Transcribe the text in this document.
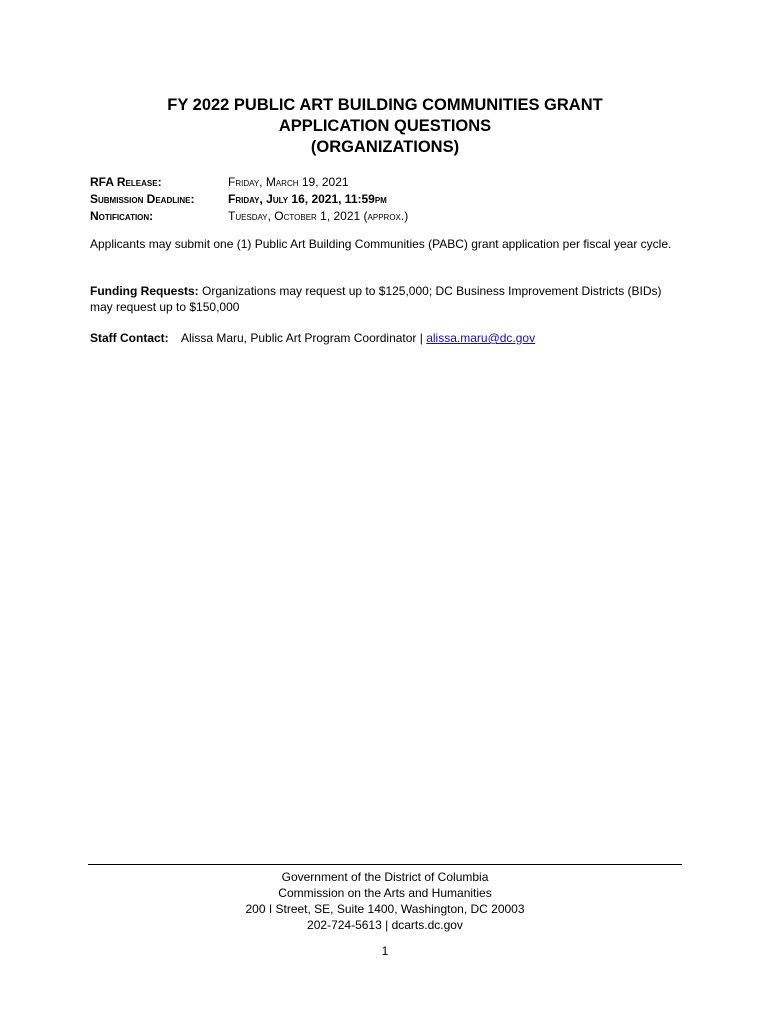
FY 2022 PUBLIC ART BUILDING COMMUNITIES GRANT
APPLICATION QUESTIONS
(ORGANIZATIONS)
RFA Release:	Friday, March 19, 2021
Submission Deadline:	Friday, July 16, 2021, 11:59pm
Notification:	Tuesday, October 1, 2021 (approx.)
Applicants may submit one (1) Public Art Building Communities (PABC) grant application per fiscal year cycle.
Funding Requests: Organizations may request up to $125,000; DC Business Improvement Districts (BIDs) may request up to $150,000
Staff Contact: Alissa Maru, Public Art Program Coordinator | alissa.maru@dc.gov
Government of the District of Columbia
Commission on the Arts and Humanities
200 I Street, SE, Suite 1400, Washington, DC 20003
202-724-5613 | dcarts.dc.gov
1
